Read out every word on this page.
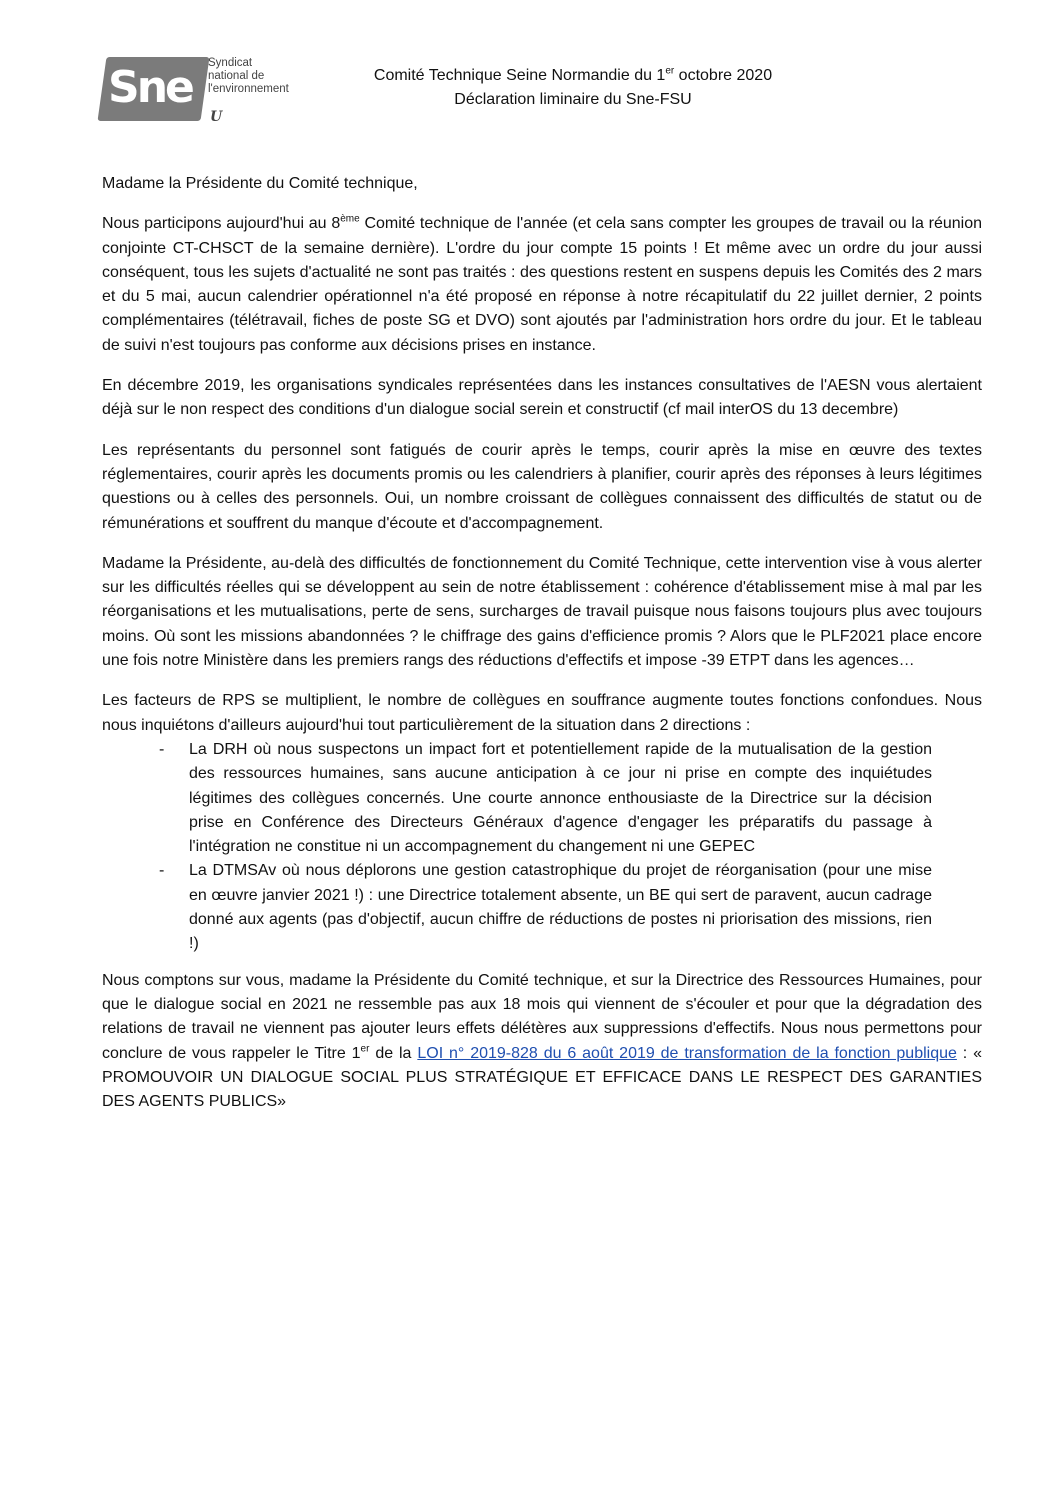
Sne	Syndicat
national de
l'environnement
U
Comité Technique Seine Normandie du 1er octobre 2020
Déclaration liminaire du Sne-FSU

Madame la Présidente du Comité technique,

Nous participons aujourd'hui au 8ème Comité technique de l'année (et cela sans compter les groupes de travail ou la réunion conjointe CT-CHSCT de la semaine dernière). L'ordre du jour compte 15 points ! Et même avec un ordre du jour aussi conséquent, tous les sujets d'actualité ne sont pas traités : des questions restent en suspens depuis les Comités des 2 mars et du 5 mai, aucun calendrier opérationnel n'a été proposé en réponse à notre récapitulatif du 22 juillet dernier, 2 points complémentaires (télétravail, fiches de poste SG et DVO) sont ajoutés par l'administration hors ordre du jour. Et le tableau de suivi n'est toujours pas conforme aux décisions prises en instance.

En décembre 2019, les organisations syndicales représentées dans les instances consultatives de l'AESN vous alertaient déjà sur le non respect des conditions d'un dialogue social serein et constructif (cf mail interOS du 13 decembre)

Les représentants du personnel sont fatigués de courir après le temps, courir après la mise en œuvre des textes réglementaires, courir après les documents promis ou les calendriers à planifier, courir après des réponses à leurs légitimes questions ou à celles des personnels. Oui, un nombre croissant de collègues connaissent des difficultés de statut ou de rémunérations et souffrent du manque d'écoute et d'accompagnement.

Madame la Présidente, au-delà des difficultés de fonctionnement du Comité Technique, cette intervention vise à vous alerter sur les difficultés réelles qui se développent au sein de notre établissement : cohérence d'établissement mise à mal par les réorganisations et les mutualisations, perte de sens, surcharges de travail puisque nous faisons toujours plus avec toujours moins. Où sont les missions abandonnées ? le chiffrage des gains d'efficience promis ? Alors que le PLF2021 place encore une fois notre Ministère dans les premiers rangs des réductions d'effectifs et impose -39 ETPT dans les agences…

Les facteurs de RPS se multiplient, le nombre de collègues en souffrance augmente toutes fonctions confondues. Nous nous inquiétons d'ailleurs aujourd'hui tout particulièrement de la situation dans 2 directions :

- La DRH où nous suspectons un impact fort et potentiellement rapide de la mutualisation de la gestion des ressources humaines, sans aucune anticipation à ce jour ni prise en compte des inquiétudes légitimes des collègues concernés. Une courte annonce enthousiaste de la Directrice sur la décision prise en Conférence des Directeurs Généraux d'agence d'engager les préparatifs du passage à l'intégration ne constitue ni un accompagnement du changement ni une GEPEC
- La DTMSAv où nous déplorons une gestion catastrophique du projet de réorganisation (pour une mise en œuvre janvier 2021 !) : une Directrice totalement absente, un BE qui sert de paravent, aucun cadrage donné aux agents (pas d'objectif, aucun chiffre de réductions de postes ni priorisation des missions, rien !)

Nous comptons sur vous, madame la Présidente du Comité technique, et sur la Directrice des Ressources Humaines, pour que le dialogue social en 2021 ne ressemble pas aux 18 mois qui viennent de s'écouler et pour que la dégradation des relations de travail ne viennent pas ajouter leurs effets délétères aux suppressions d'effectifs. Nous nous permettons pour conclure de vous rappeler le Titre 1er de la LOI n° 2019-828 du 6 août 2019 de transformation de la fonction publique : « PROMOUVOIR UN DIALOGUE SOCIAL PLUS STRATÉGIQUE ET EFFICACE DANS LE RESPECT DES GARANTIES DES AGENTS PUBLICS»
